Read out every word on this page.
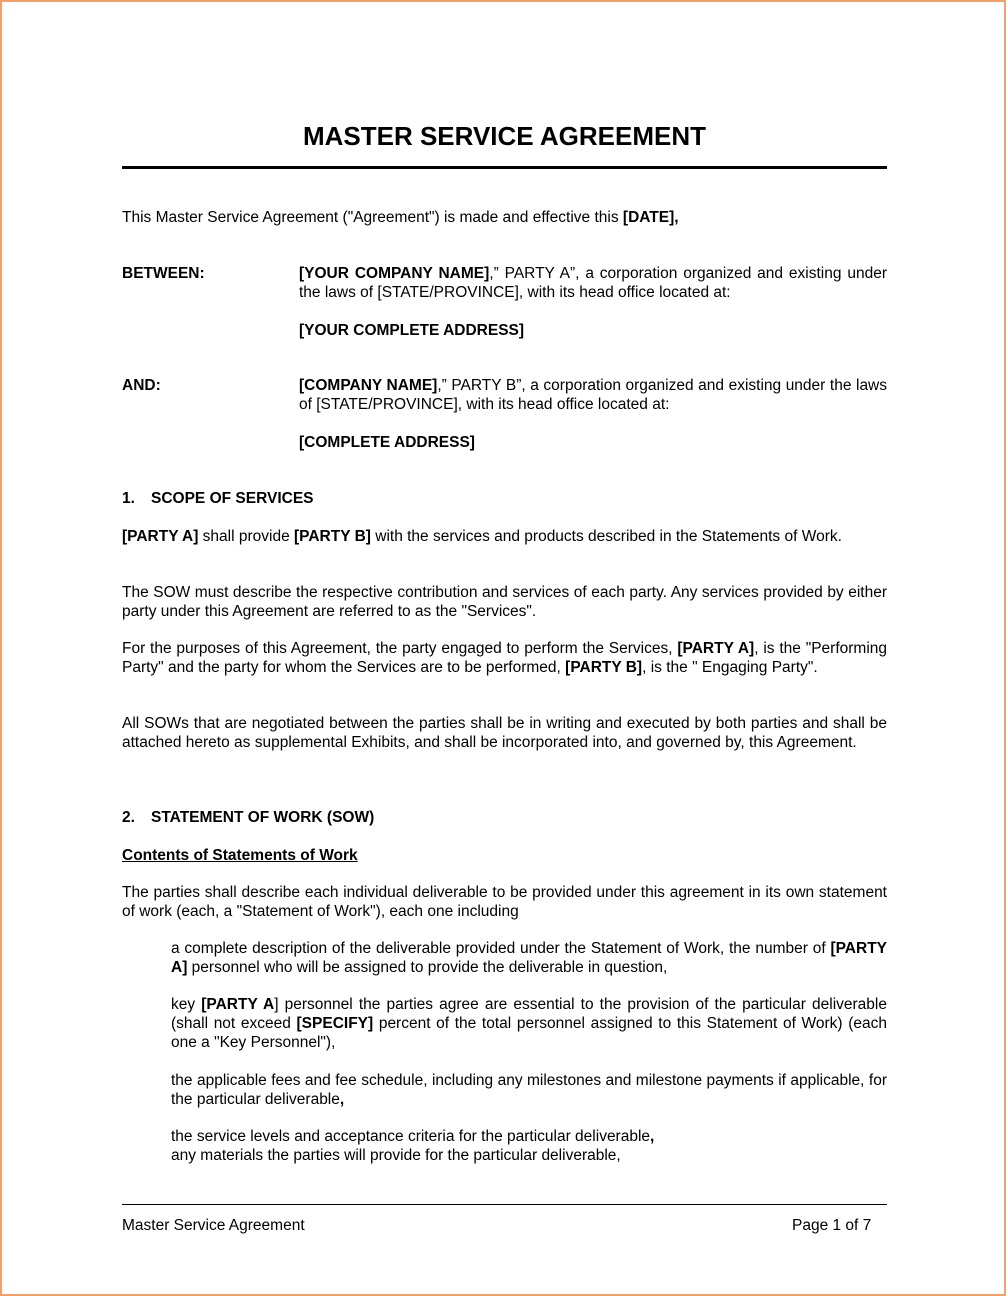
MASTER SERVICE AGREEMENT
This Master Service Agreement ("Agreement") is made and effective this [DATE],
BETWEEN:	[YOUR COMPANY NAME],” PARTY A”, a corporation organized and existing under the laws of [STATE/PROVINCE], with its head office located at:
[YOUR COMPLETE ADDRESS]
AND:	[COMPANY NAME],” PARTY B”, a corporation organized and existing under the laws of [STATE/PROVINCE], with its head office located at:
[COMPLETE ADDRESS]
1. SCOPE OF SERVICES
[PARTY A] shall provide [PARTY B] with the services and products described in the Statements of Work.
The SOW must describe the respective contribution and services of each party. Any services provided by either party under this Agreement are referred to as the "Services".
For the purposes of this Agreement, the party engaged to perform the Services, [PARTY A], is the "Performing Party" and the party for whom the Services are to be performed, [PARTY B], is the " Engaging Party".
All SOWs that are negotiated between the parties shall be in writing and executed by both parties and shall be attached hereto as supplemental Exhibits, and shall be incorporated into, and governed by, this Agreement.
2. STATEMENT OF WORK (SOW)
Contents of Statements of Work
The parties shall describe each individual deliverable to be provided under this agreement in its own statement of work (each, a "Statement of Work"), each one including
a complete description of the deliverable provided under the Statement of Work, the number of [PARTY A] personnel who will be assigned to provide the deliverable in question,
key [PARTY A] personnel the parties agree are essential to the provision of the particular deliverable (shall not exceed [SPECIFY] percent of the total personnel assigned to this Statement of Work) (each one a "Key Personnel"),
the applicable fees and fee schedule, including any milestones and milestone payments if applicable, for the particular deliverable,
the service levels and acceptance criteria for the particular deliverable,
any materials the parties will provide for the particular deliverable,
Master Service Agreement	Page 1 of 7
